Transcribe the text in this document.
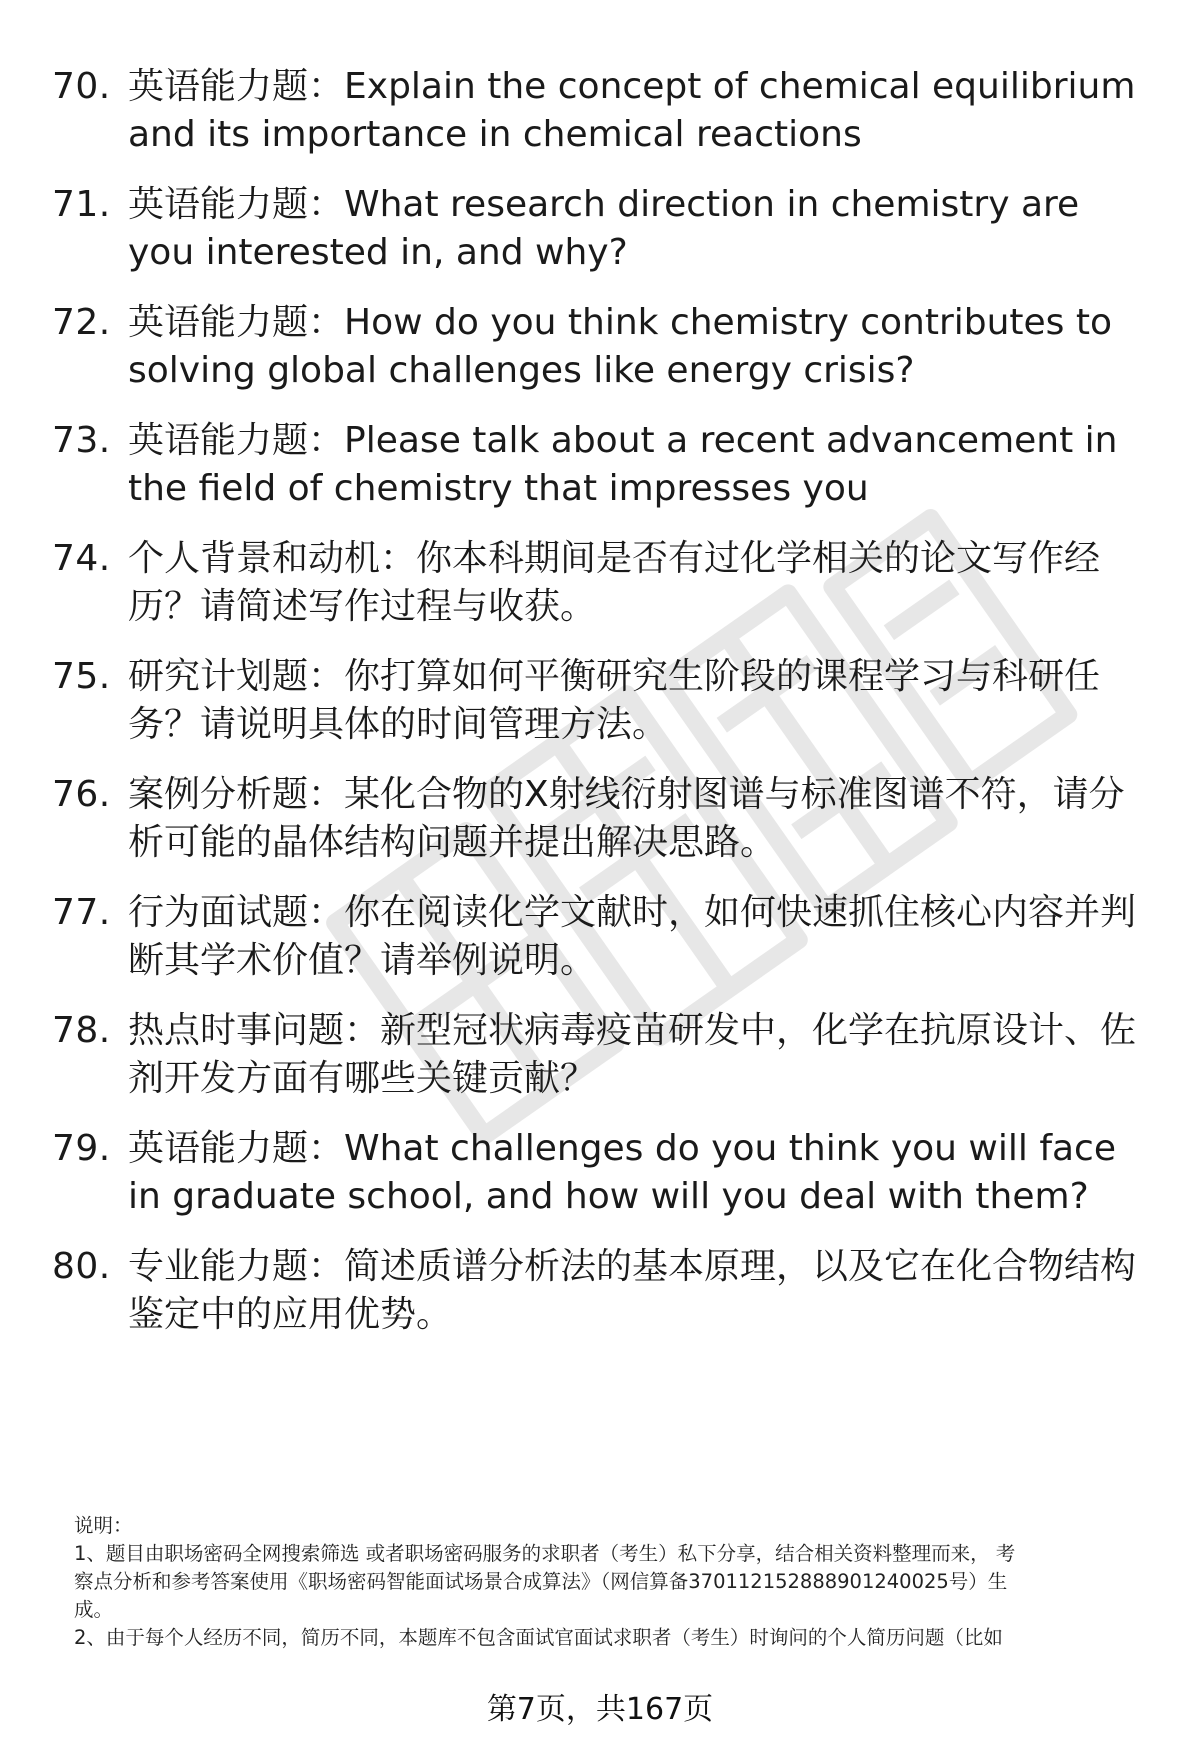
70. 英语能力题：Explain the concept of chemical equilibrium and its importance in chemical reactions
71. 英语能力题：What research direction in chemistry are you interested in, and why?
72. 英语能力题：How do you think chemistry contributes to solving global challenges like energy crisis?
73. 英语能力题：Please talk about a recent advancement in the field of chemistry that impresses you
74. 个人背景和动机：你本科期间是否有过化学相关的论文写作经历？请简述写作过程与收获。
75. 研究计划题：你打算如何平衡研究生阶段的课程学习与科研任务？请说明具体的时间管理方法。
76. 案例分析题：某化合物的X射线衍射图谱与标准图谱不符，请分析可能的晶体结构问题并提出解决思路。
77. 行为面试题：你在阅读化学文献时，如何快速抓住核心内容并判断其学术价值？请举例说明。
78. 热点时事问题：新型冠状病毒疫苗研发中，化学在抗原设计、佐剂开发方面有哪些关键贡献？
79. 英语能力题：What challenges do you think you will face in graduate school, and how will you deal with them?
80. 专业能力题：简述质谱分析法的基本原理，以及它在化合物结构鉴定中的应用优势。
说明：
1、题目由职场密码全网搜索筛选 或者职场密码服务的求职者（考生）私下分享，结合相关资料整理而来， 考
察点分析和参考答案使用《职场密码智能面试场景合成算法》（网信算备370112152888901240025号）生
成。
2、由于每个人经历不同，简历不同，本题库不包含面试官面试求职者（考生）时询问的个人简历问题（比如
第7页，共167页
